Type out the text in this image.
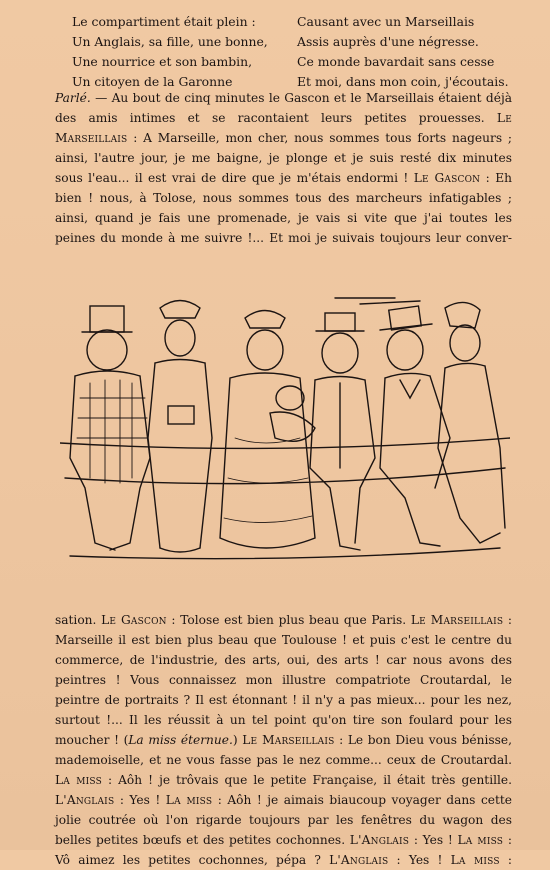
Le compartiment était plein :
Un Anglais, sa fille, une bonne,
Une nourrice et son bambin,
Un citoyen de la Garonne
Causant avec un Marseillais
Assis auprès d'une négresse.
Ce monde bavardait sans cesse
Et moi, dans mon coin, j'écoutais.

Parlé. — Au bout de cinq minutes le Gascon et le Marseillais étaient déjà des amis intimes et se racontaient leurs petites prouesses. Le Marseillais : A Marseille, mon cher, nous sommes tous forts nageurs ; ainsi, l'autre jour, je me baigne, je plonge et je suis resté dix minutes sous l'eau... il est vrai de dire que je m'étais endormi ! Le Gascon : Eh bien ! nous, à Tolose, nous sommes tous des marcheurs infatigables ; ainsi, quand je fais une promenade, je vais si vite que j'ai toutes les peines du monde à me suivre !... Et moi je suivais toujours leur conver-

sation. Le Gascon : Tolose est bien plus beau que Paris. Le Marseillais : Marseille il est bien plus beau que Toulouse ! et puis c'est le centre du commerce, de l'industrie, des arts, oui, des arts ! car nous avons des peintres ! Vous connaissez mon illustre compatriote Croutardal, le peintre de portraits ? Il est étonnant ! il n'y a pas mieux... pour les nez, surtout !... Il les réussit à un tel point qu'on tire son foulard pour les moucher ! (La miss éternue.) Le Marseillais : Le bon Dieu vous bénisse, mademoiselle, et ne vous fasse pas le nez comme... ceux de Croutardal. La miss : Aôh ! je trôvais que le petite Française, il était très gentille. L'Anglais : Yes ! La miss : Aôh ! je aimais biaucoup voyager dans cette jolie coutrée où l'on rigarde toujours par les fenêtres du wagon des belles petites bœufs et des petites cochonnes. L'Anglais : Yes ! La miss : Vô aimez les petites cochonnes, pépa ? L'Anglais : Yes ! La miss :
